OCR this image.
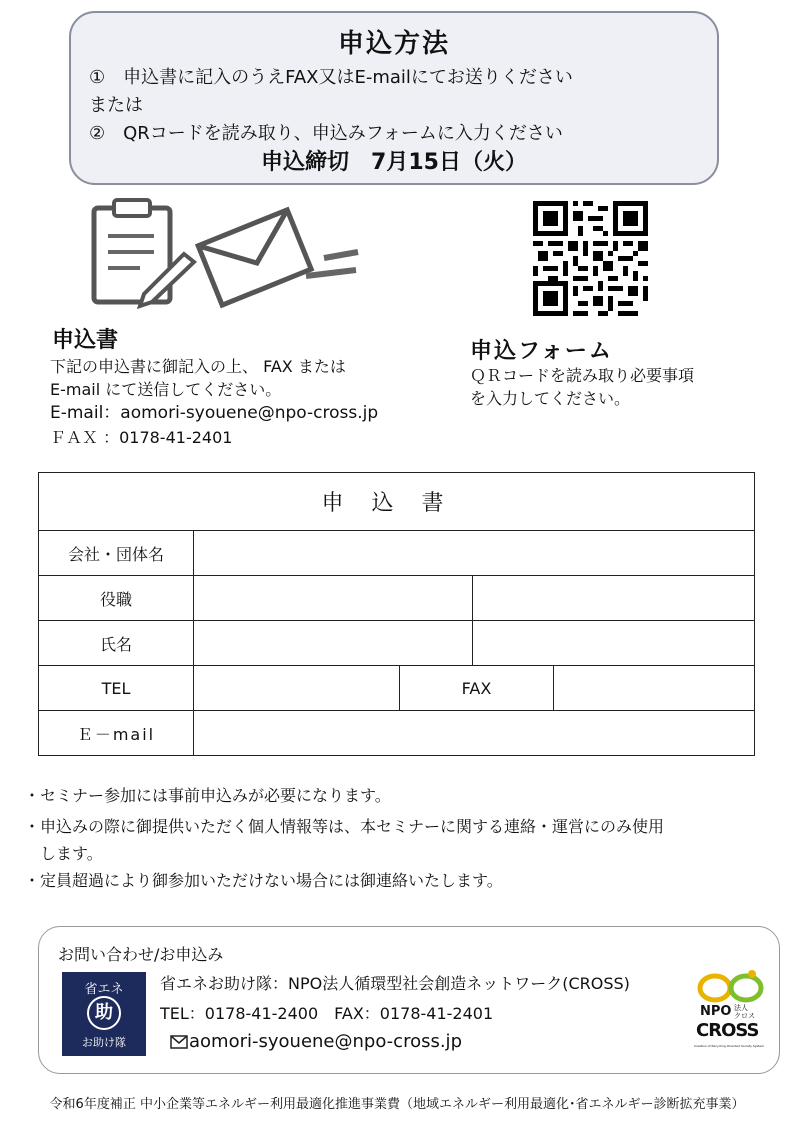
申込方法
①　申込書に記入のうえFAX又はE-mailにてお送りください
または
②　QRコードを読み取り、申込みフォームに入力ください
申込締切　7月15日（火）
申込書
下記の申込書に御記入の上、 FAX または
E-mail にて送信してください。
E-mail：aomori-syouene@npo-cross.jp
ＦＡＸ ：0178-41-2401
申込フォーム
ＱＲコードを読み取り必要事項
を入力してください。
申込書				
会社・団体名				
役職				
氏名				
TEL		FAX		
Ｅ－mail				
・セミナー参加には事前申込みが必要になります。
・申込みの際に御提供いただく個人情報等は、本セミナーに関する連絡・運営にのみ使用
　します。
・定員超過により御参加いただけない場合には御連絡いたします。
お問い合わせ/お申込み
省エネ
助
お助け隊
省エネお助け隊：NPO法人循環型社会創造ネットワーク(CROSS)
TEL：0178-41-2400　FAX：0178-41-2401
aomori-syouene@npo-cross.jp
NPO 法人
クロス
CROSS
Creation of Recycling Oriented Society System
令和6年度補正 中小企業等エネルギー利用最適化推進事業費（地域エネルギー利用最適化･省エネルギー診断拡充事業）
